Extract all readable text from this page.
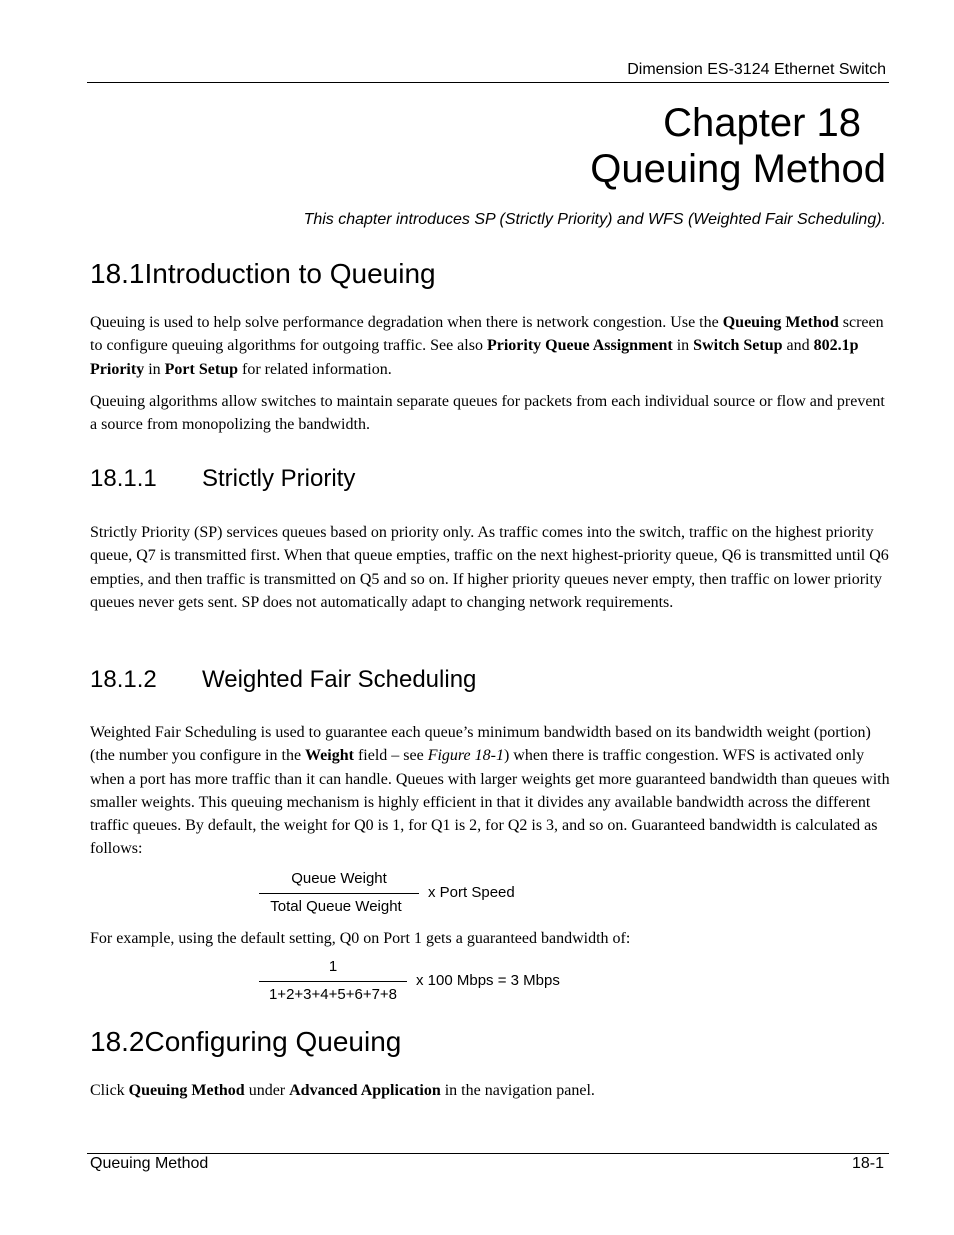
Dimension ES-3124 Ethernet Switch
Chapter 18
Queuing Method
This chapter introduces SP (Strictly Priority) and WFS (Weighted Fair Scheduling).
18.1Introduction to Queuing
Queuing is used to help solve performance degradation when there is network congestion. Use the Queuing Method screen to configure queuing algorithms for outgoing traffic. See also Priority Queue Assignment in Switch Setup and 802.1p Priority in Port Setup for related information.
Queuing algorithms allow switches to maintain separate queues for packets from each individual source or flow and prevent a source from monopolizing the bandwidth.
18.1.1 Strictly Priority
Strictly Priority (SP) services queues based on priority only. As traffic comes into the switch, traffic on the highest priority queue, Q7 is transmitted first. When that queue empties, traffic on the next highest-priority queue, Q6 is transmitted until Q6 empties, and then traffic is transmitted on Q5 and so on. If higher priority queues never empty, then traffic on lower priority queues never gets sent. SP does not automatically adapt to changing network requirements.
18.1.2 Weighted Fair Scheduling
Weighted Fair Scheduling is used to guarantee each queue’s minimum bandwidth based on its bandwidth weight (portion) (the number you configure in the Weight field – see Figure 18-1) when there is traffic congestion. WFS is activated only when a port has more traffic than it can handle. Queues with larger weights get more guaranteed bandwidth than queues with smaller weights. This queuing mechanism is highly efficient in that it divides any available bandwidth across the different traffic queues. By default, the weight for Q0 is 1, for Q1 is 2, for Q2 is 3, and so on. Guaranteed bandwidth is calculated as follows:
Queue Weight
Total Queue Weight
x Port Speed
For example, using the default setting, Q0 on Port 1 gets a guaranteed bandwidth of:
1
1+2+3+4+5+6+7+8
x 100 Mbps = 3 Mbps
18.2Configuring Queuing
Click Queuing Method under Advanced Application in the navigation panel.
Queuing Method	18-1
